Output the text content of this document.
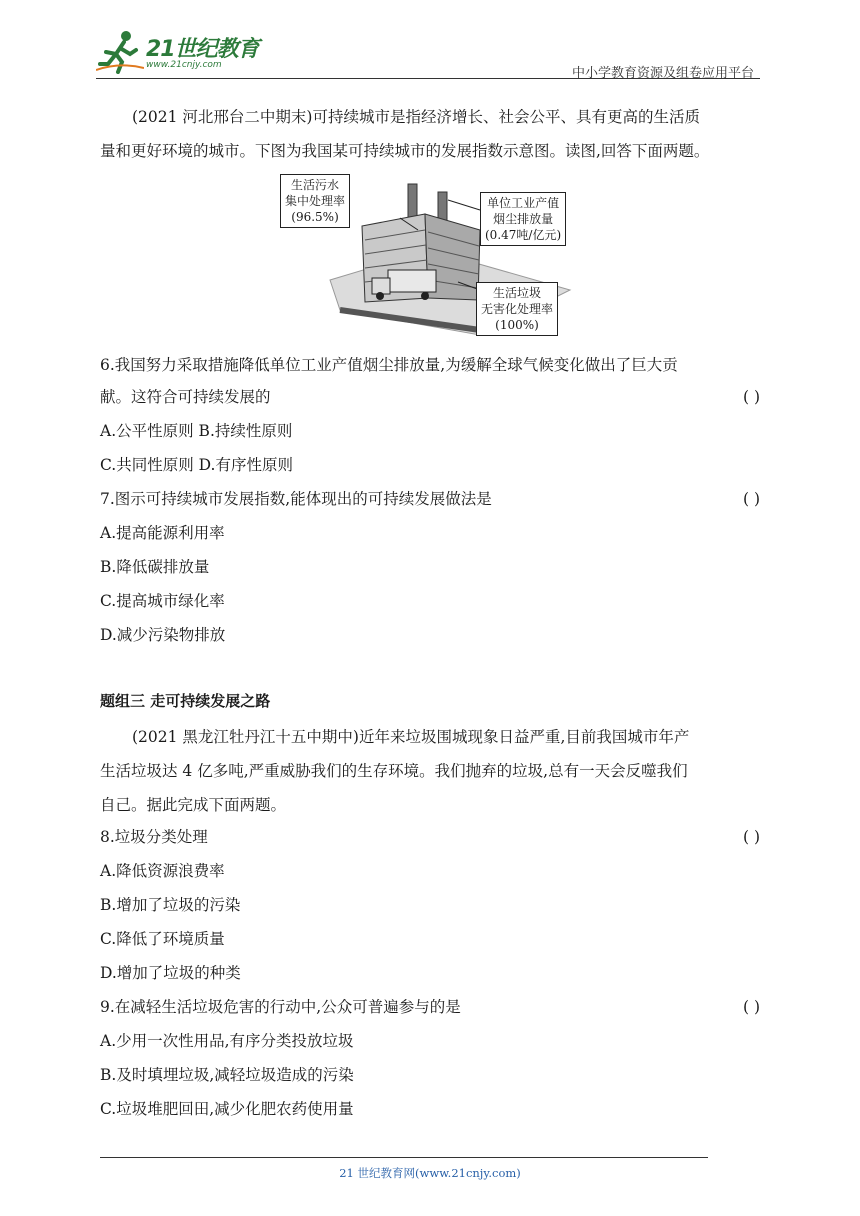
21世纪教育
www.21cnjy.com
中小学教育资源及组卷应用平台

(2021 河北邢台二中期末)可持续城市是指经济增长、社会公平、具有更高的生活质

量和更好环境的城市。下图为我国某可持续城市的发展指数示意图。读图,回答下面两题。

生活污水
集中处理率
(96.5%)
单位工业产值
烟尘排放量
(0.47吨/亿元)
生活垃圾
无害化处理率
(100%)

6.我国努力采取措施降低单位工业产值烟尘排放量,为缓解全球气候变化做出了巨大贡

献。这符合可持续发展的	( )

A.公平性原则 B.持续性原则

C.共同性原则 D.有序性原则

7.图示可持续城市发展指数,能体现出的可持续发展做法是	( )

A.提高能源利用率

B.降低碳排放量

C.提高城市绿化率

D.减少污染物排放

题组三 走可持续发展之路

(2021 黑龙江牡丹江十五中期中)近年来垃圾围城现象日益严重,目前我国城市年产

生活垃圾达 4 亿多吨,严重威胁我们的生存环境。我们抛弃的垃圾,总有一天会反噬我们

自己。据此完成下面两题。

8.垃圾分类处理	( )

A.降低资源浪费率

B.增加了垃圾的污染

C.降低了环境质量

D.增加了垃圾的种类

9.在减轻生活垃圾危害的行动中,公众可普遍参与的是	( )

A.少用一次性用品,有序分类投放垃圾

B.及时填埋垃圾,减轻垃圾造成的污染

C.垃圾堆肥回田,减少化肥农药使用量

21 世纪教育网(www.21cnjy.com)
